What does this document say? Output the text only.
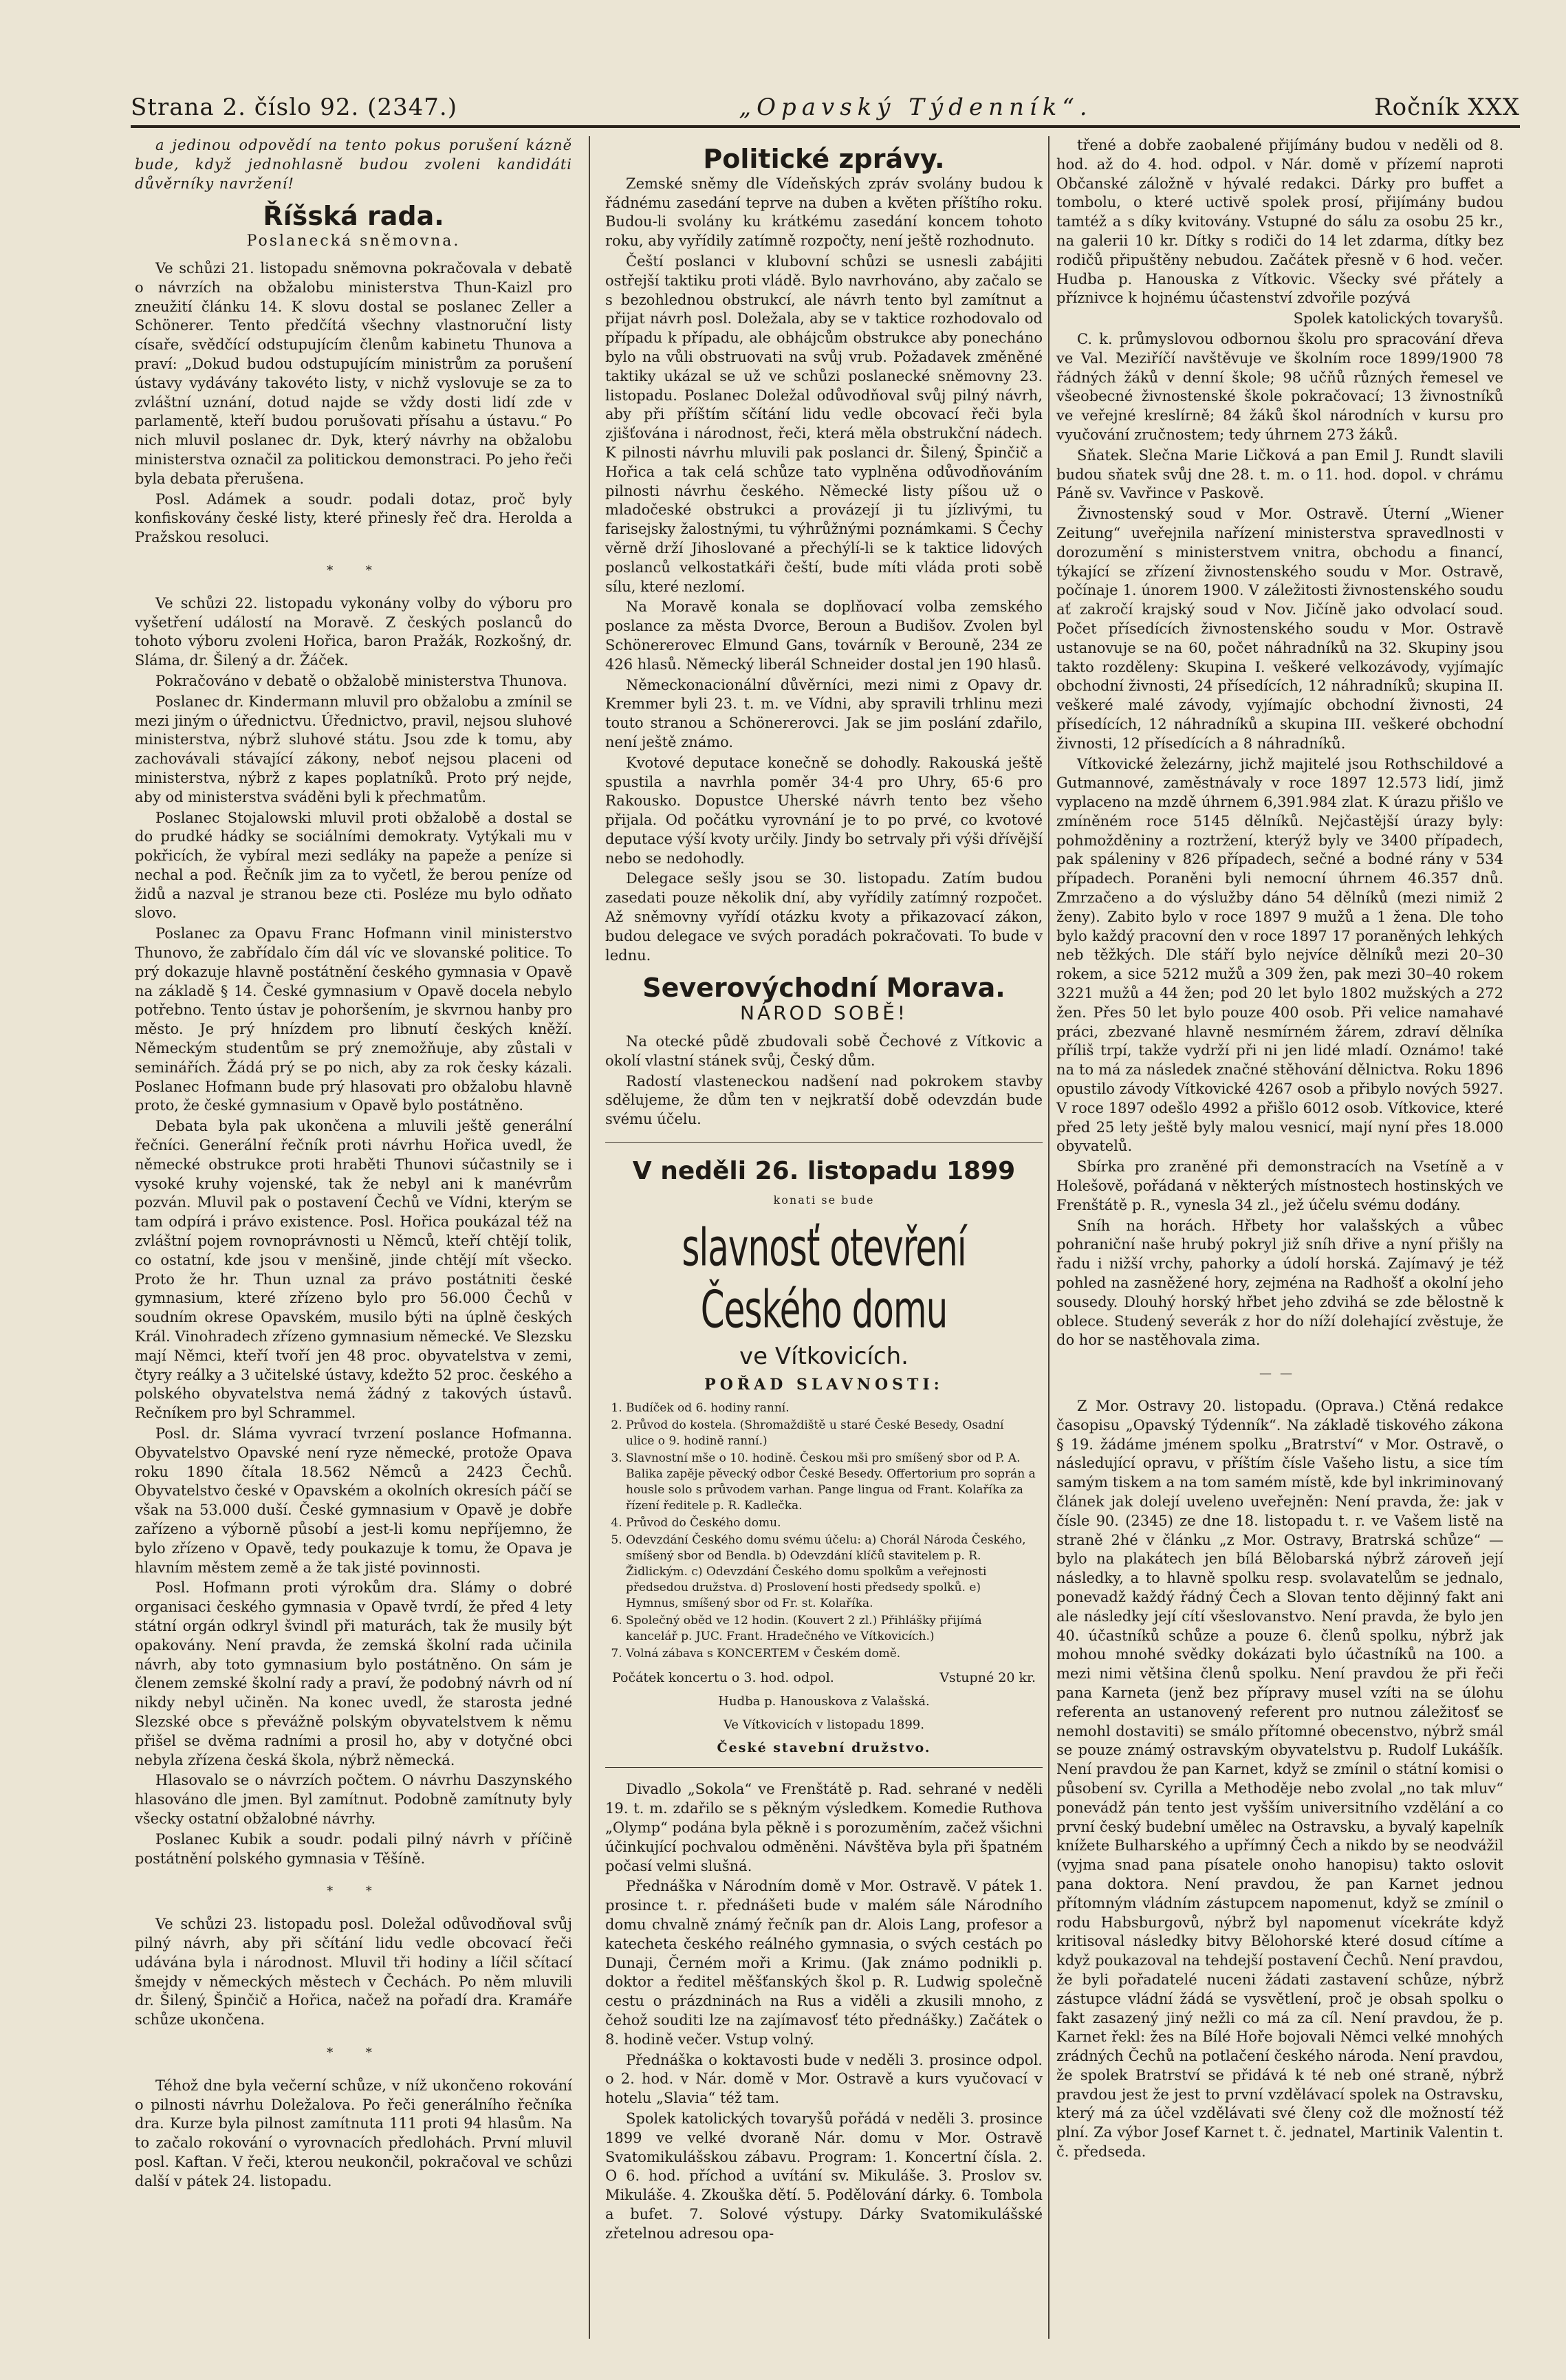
Strana 2. číslo 92. (2347.)	„Opavský Týdenník“.	Ročník XXX

a jedinou odpovědí na tento pokus porušení kázně bude, když jednohlasně budou zvoleni kandidáti důvěrníky navržení!

Říšská rada.
Poslanecká sněmovna.

Ve schůzi 21. listopadu sněmovna pokračovala v debatě o návrzích na obžalobu ministerstva Thun-Kaizl pro zneužití článku 14. K slovu dostal se poslanec Zeller a Schönerer. Tento předčítá všechny vlastnoruční listy císaře, svědčící odstupujícím členům kabinetu Thunova a praví: „Dokud budou odstupujícím ministrům za porušení ústavy vydávány takovéto listy, v nichž vyslovuje se za to zvláštní uznání, dotud najde se vždy dosti lidí zde v parlamentě, kteří budou porušovati přísahu a ústavu.“ Po nich mluvil poslanec dr. Dyk, který návrhy na obžalobu ministerstva označil za politickou demonstraci. Po jeho řeči byla debata přerušena.

Posl. Adámek a soudr. podali dotaz, proč byly konfiskovány české listy, které přinesly řeč dra. Herolda a Pražskou resoluci.

*  *

Ve schůzi 22. listopadu vykonány volby do výboru pro vyšetření událostí na Moravě. Z českých poslanců do tohoto výboru zvoleni Hořica, baron Pražák, Rozkošný, dr. Sláma, dr. Šilený a dr. Žáček.

Pokračováno v debatě o obžalobě ministerstva Thunova.

Poslanec dr. Kindermann mluvil pro obžalobu a zmínil se mezi jiným o úřednictvu. Úřednictvo, pravil, nejsou sluhové ministerstva, nýbrž sluhové státu. Jsou zde k tomu, aby zachovávali stávající zákony, neboť nejsou placeni od ministerstva, nýbrž z kapes poplatníků. Proto prý nejde, aby od ministerstva sváděni byli k přechmatům.

Poslanec Stojalowski mluvil proti obžalobě a dostal se do prudké hádky se sociálními demokraty. Vytýkali mu v pokřicích, že vybíral mezi sedláky na papeže a peníze si nechal a pod. Řečník jim za to vyčetl, že berou peníze od židů a nazval je stranou beze cti. Posléze mu bylo odňato slovo.

Poslanec za Opavu Franc Hofmann vinil ministerstvo Thunovo, že zabřídalo čím dál víc ve slovanské politice. To prý dokazuje hlavně postátnění českého gymnasia v Opavě na základě § 14. České gymnasium v Opavě docela nebylo potřebno. Tento ústav je pohoršením, je skvrnou hanby pro město. Je prý hnízdem pro libnutí českých kněží. Německým studentům se prý znemožňuje, aby zůstali v seminářích. Žádá prý se po nich, aby za rok česky kázali. Poslanec Hofmann bude prý hlasovati pro obžalobu hlavně proto, že české gymnasium v Opavě bylo postátněno.

Debata byla pak ukončena a mluvili ještě generální řečníci. Generální řečník proti návrhu Hořica uvedl, že německé obstrukce proti hraběti Thunovi súčastnily se i vysoké kruhy vojenské, tak že nebyl ani k manévrům pozván. Mluvil pak o postavení Čechů ve Vídni, kterým se tam odpírá i právo existence. Posl. Hořica poukázal též na zvláštní pojem rovnoprávnosti u Němců, kteří chtějí tolik, co ostatní, kde jsou v menšině, jinde chtějí mít všecko. Proto že hr. Thun uznal za právo postátniti české gymnasium, které zřízeno bylo pro 56.000 Čechů v soudním okrese Opavském, musilo býti na úplně českých Král. Vinohradech zřízeno gymnasium německé. Ve Slezsku mají Němci, kteří tvoří jen 48 proc. obyvatelstva v zemi, čtyry reálky a 3 učitelské ústavy, kdežto 52 proc. českého a polského obyvatelstva nemá žádný z takových ústavů. Rečníkem pro byl Schrammel.

Posl. dr. Sláma vyvrací tvrzení poslance Hofmanna. Obyvatelstvo Opavské není ryze německé, protože Opava roku 1890 čítala 18.562 Němců a 2423 Čechů. Obyvatelstvo české v Opavském a okolních okresích páčí se však na 53.000 duší. České gymnasium v Opavě je dobře zařízeno a výborně působí a jest-li komu nepříjemno, že bylo zřízeno v Opavě, tedy poukazuje k tomu, že Opava je hlavním městem země a že tak jisté povinnosti.

Posl. Hofmann proti výrokům dra. Slámy o dobré organisaci českého gymnasia v Opavě tvrdí, že před 4 lety státní orgán odkryl švindl při maturách, tak že musily být opakovány. Není pravda, že zemská školní rada učinila návrh, aby toto gymnasium bylo postátněno. On sám je členem zemské školní rady a praví, že podobný návrh od ní nikdy nebyl učiněn. Na konec uvedl, že starosta jedné Slezské obce s převážně polským obyvatelstvem k němu přišel se dvěma radními a prosil ho, aby v dotyčné obci nebyla zřízena česká škola, nýbrž německá.

Hlasovalo se o návrzích počtem. O návrhu Daszynského hlasováno dle jmen. Byl zamítnut. Podobně zamítnuty byly všecky ostatní obžalobné návrhy.

Poslanec Kubik a soudr. podali pilný návrh v příčině postátnění polského gymnasia v Těšíně.

*  *

Ve schůzi 23. listopadu posl. Doležal odůvodňoval svůj pilný návrh, aby při sčítání lidu vedle obcovací řeči udávána byla i národnost. Mluvil tři hodiny a líčil sčítací šmejdy v německých městech v Čechách. Po něm mluvili dr. Šilený, Špinčič a Hořica, načež na pořadí dra. Kramáře schůze ukončena.

*  *

Téhož dne byla večerní schůze, v níž ukončeno rokování o pilnosti návrhu Doležalova. Po řeči generálního řečníka dra. Kurze byla pilnost zamítnuta 111 proti 94 hlasům. Na to začalo rokování o vyrovnacích předlohách. První mluvil posl. Kaftan. V řeči, kterou neukončil, pokračoval ve schůzi další v pátek 24. listopadu.

Politické zprávy.

Zemské sněmy dle Vídeňských zpráv svolány budou k řádnému zasedání teprve na duben a květen příštího roku. Budou-li svolány ku krátkému zasedání koncem tohoto roku, aby vyřídily zatímně rozpočty, není ještě rozhodnuto.

Čeští poslanci v klubovní schůzi se usnesli zabájiti ostřejší taktiku proti vládě. Bylo navrhováno, aby začalo se s bezohlednou obstrukcí, ale návrh tento byl zamítnut a přijat návrh posl. Doležala, aby se v taktice rozhodovalo od případu k případu, ale obhájcům obstrukce aby ponecháno bylo na vůli obstruovati na svůj vrub. Požadavek změněné taktiky ukázal se už ve schůzi poslanecké sněmovny 23. listopadu. Poslanec Doležal odůvodňoval svůj pilný návrh, aby při příštím sčítání lidu vedle obcovací řeči byla zjišťována i národnost, řeči, která měla obstrukční nádech. K pilnosti návrhu mluvili pak poslanci dr. Šilený, Špinčič a Hořica a tak celá schůze tato vyplněna odůvodňováním pilnosti návrhu českého. Německé listy píšou už o mladočeské obstrukci a provázejí ji tu jízlivými, tu farisejsky žalostnými, tu výhrůžnými poznámkami. S Čechy věrně drží Jihoslované a přechýlí-li se k taktice lidových poslanců velkostatkáři čeští, bude míti vláda proti sobě sílu, které nezlomí.

Na Moravě konala se doplňovací volba zemského poslance za města Dvorce, Beroun a Budišov. Zvolen byl Schönererovec Elmund Gans, továrník v Berouně, 234 ze 426 hlasů. Německý liberál Schneider dostal jen 190 hlasů.

Německonacionální důvěrníci, mezi nimi z Opavy dr. Kremmer byli 23. t. m. ve Vídni, aby spravili trhlinu mezi touto stranou a Schönererovci. Jak se jim poslání zdařilo, není ještě známo.

Kvotové deputace konečně se dohodly. Rakouská ještě spustila a navrhla poměr 34·4 pro Uhry, 65·6 pro Rakousko. Dopustce Uherské návrh tento bez všeho přijala. Od počátku vyrovnání je to po prvé, co kvotové deputace výší kvoty určily. Jindy bo setrvaly při výši dřívější nebo se nedohodly.

Delegace sešly jsou se 30. listopadu. Zatím budou zasedati pouze několik dní, aby vyřídily zatímný rozpočet. Až sněmovny vyřídí otázku kvoty a přikazovací zákon, budou delegace ve svých poradách pokračovati. To bude v lednu.

Severovýchodní Morava.
NÁROD SOBĚ!

Na otecké půdě zbudovali sobě Čechové z Vítkovic a okolí vlastní stánek svůj, Český dům.

Radostí vlasteneckou nadšení nad pokrokem stavby sdělujeme, že dům ten v nejkratší době odevzdán bude svému účelu.

V neděli 26. listopadu 1899
konati se bude
slavnosť otevření Českého domu
ve Vítkovicích.
POŘAD SLAVNOSTI:
1. Budíček od 6. hodiny ranní.
2. Průvod do kostela. (Shromaždiště u staré České Besedy, Osadní ulice o 9. hodině ranní.)
3. Slavnostní mše o 10. hodině. Českou mši pro smíšený sbor od P. A. Balika zapěje pěvecký odbor České Besedy. Offertorium pro soprán a housle solo s průvodem varhan. Pange lingua od Frant. Kolaříka za řízení ředitele p. R. Kadlečka.
4. Průvod do Českého domu.
5. Odevzdání Českého domu svému účelu: a) Chorál Národa Českého, smíšený sbor od Bendla. b) Odevzdání klíčů stavitelem p. R. Židlickým. c) Odevzdání Českého domu spolkům a veřejnosti předsedou družstva. d) Proslovení hosti předsedy spolků. e) Hymnus, smíšený sbor od Fr. st. Kolaříka.
6. Společný oběd ve 12 hodin. (Kouvert 2 zl.) Přihlášky přijímá kancelář p. JUC. Frant. Hradečného ve Vítkovicích.)
7. Volná zábava s KONCERTEM v Českém domě.
Počátek koncertu o 3. hod. odpol.	Vstupné 20 kr.
Hudba p. Hanouskova z Valašská.
Ve Vítkovicích v listopadu 1899.
České stavební družstvo.

Divadlo „Sokola“ ve Frenštátě p. Rad. sehrané v neděli 19. t. m. zdařilo se s pěkným výsledkem. Komedie Ruthova „Olymp“ podána byla pěkně i s porozuměním, začež všichni účinkující pochvalou odměněni. Návštěva byla při špatném počasí velmi slušná.

Přednáška v Národním domě v Mor. Ostravě. V pátek 1. prosince t. r. přednášeti bude v malém sále Národního domu chvalně známý řečník pan dr. Alois Lang, profesor a katecheta českého reálného gymnasia, o svých cestách po Dunaji, Černém moři a Krimu. (Jak známo podnikli p. doktor a ředitel měšťanských škol p. R. Ludwig společně cestu o prázdninách na Rus a viděli a zkusili mnoho, z čehož souditi lze na zajímavosť této přednášky.) Začátek o 8. hodině večer. Vstup volný.

Přednáška o koktavosti bude v neděli 3. prosince odpol. o 2. hod. v Nár. domě v Mor. Ostravě a kurs vyučovací v hotelu „Slavia“ též tam.

Spolek katolických tovaryšů pořádá v neděli 3. prosince 1899 ve velké dvoraně Nár. domu v Mor. Ostravě Svatomikulášskou zábavu. Program: 1. Koncertní čísla. 2. O 6. hod. příchod a uvítání sv. Mikuláše. 3. Proslov sv. Mikuláše. 4. Zkouška dětí. 5. Podělování dárky. 6. Tombola a bufet. 7. Solové výstupy. Dárky Svatomikulášské zřetelnou adresou opa-

třené a dobře zaobalené přijímány budou v neděli od 8. hod. až do 4. hod. odpol. v Nár. domě v přízemí naproti Občanské záložně v hývalé redakci. Dárky pro buffet a tombolu, o které uctivě spolek prosí, přijímány budou tamtéž a s díky kvitovány. Vstupné do sálu za osobu 25 kr., na galerii 10 kr. Dítky s rodiči do 14 let zdarma, dítky bez rodičů připuštěny nebudou. Začátek přesně v 6 hod. večer. Hudba p. Hanouska z Vítkovic. Všecky své přátely a příznivce k hojnému účastenství zdvořile pozývá

Spolek katolických tovaryšů.

C. k. průmyslovou odbornou školu pro spracování dřeva ve Val. Meziříčí navštěvuje ve školním roce 1899/1900 78 řádných žáků v denní škole; 98 učňů různých řemesel ve všeobecné živnostenské škole pokračovací; 13 živnostníků ve veřejné kreslírně; 84 žáků škol národních v kursu pro vyučování zručnostem; tedy úhrnem 273 žáků.

Sňatek. Slečna Marie Ličková a pan Emil J. Rundt slavili budou sňatek svůj dne 28. t. m. o 11. hod. dopol. v chrámu Páně sv. Vavřince v Paskově.

Živnostenský soud v Mor. Ostravě. Úterní „Wiener Zeitung“ uveřejnila nařízení ministerstva spravedlnosti v dorozumění s ministerstvem vnitra, obchodu a financí, týkající se zřízení živnostenského soudu v Mor. Ostravě, počínaje 1. únorem 1900. V záležitosti živnostenského soudu ať zakročí krajský soud v Nov. Jičíně jako odvolací soud. Počet přísedících živnostenského soudu v Mor. Ostravě ustanovuje se na 60, počet náhradníků na 32. Skupiny jsou takto rozděleny: Skupina I. veškeré velkozávody, vyjímajíc obchodní živnosti, 24 přísedících, 12 náhradníků; skupina II. veškeré malé závody, vyjímajíc obchodní živnosti, 24 přísedících, 12 náhradníků a skupina III. veškeré obchodní živnosti, 12 přísedících a 8 náhradníků.

Vítkovické železárny, jichž majitelé jsou Rothschildové a Gutmannové, zaměstnávaly v roce 1897 12.573 lidí, jimž vyplaceno na mzdě úhrnem 6,391.984 zlat. K úrazu přišlo ve zmíněném roce 5145 dělníků. Nejčastější úrazy byly: pohmožděniny a roztržení, kterýž byly ve 3400 případech, pak spáleniny v 826 případech, sečné a bodné rány v 534 případech. Poraněni byli nemocní úhrnem 46.357 dnů. Zmrzačeno a do výslužby dáno 54 dělníků (mezi nimiž 2 ženy). Zabito bylo v roce 1897 9 mužů a 1 žena. Dle toho bylo každý pracovní den v roce 1897 17 poraněných lehkých neb těžkých. Dle stáří bylo nejvíce dělníků mezi 20–30 rokem, a sice 5212 mužů a 309 žen, pak mezi 30–40 rokem 3221 mužů a 44 žen; pod 20 let bylo 1802 mužských a 272 žen. Přes 50 let bylo pouze 400 osob. Při velice namahavé práci, zbezvané hlavně nesmírném žárem, zdraví dělníka příliš trpí, takže vydrží při ni jen lidé mladí. Oznámo! také na to má za následek značné stěhování dělnictva. Roku 1896 opustilo závody Vítkovické 4267 osob a přibylo nových 5927. V roce 1897 odešlo 4992 a přišlo 6012 osob. Vítkovice, které před 25 lety ještě byly malou vesnicí, mají nyní přes 18.000 obyvatelů.

Sbírka pro zraněné při demonstracích na Vsetíně a v Holešově, pořádaná v některých místnostech hostinských ve Frenštátě p. R., vynesla 34 zl., jež účelu svému dodány.

Sníh na horách. Hřbety hor valašských a vůbec pohraniční naše hrubý pokryl již sníh dřive a nyní přišly na řadu i nižší vrchy, pahorky a údolí horská. Zajímavý je též pohled na zasněžené hory, zejména na Radhošť a okolní jeho sousedy. Dlouhý horský hřbet jeho zdvihá se zde bělostně k oblece. Studený severák z hor do níží dolehající zvěstuje, že do hor se nastěhovala zima.

——

Z Mor. Ostravy 20. listopadu. (Oprava.) Ctěná redakce časopisu „Opavský Týdenník“. Na základě tiskového zákona § 19. žádáme jménem spolku „Bratrství“ v Mor. Ostravě, o následující opravu, v příštím čísle Vašeho listu, a sice tím samým tiskem a na tom samém místě, kde byl inkriminovaný článek jak dolejí uveleno uveřejněn: Není pravda, že: jak v čísle 90. (2345) ze dne 18. listopadu t. r. ve Vašem listě na straně 2hé v článku „z Mor. Ostravy, Bratrská schůze“ — bylo na plakátech jen bílá Bělobarská nýbrž zároveň její následky, a to hlavně spolku resp. svolavatelům se jednalo, ponevadž každý řádný Čech a Slovan tento dějinný fakt ani ale následky její cítí všeslovanstvo. Není pravda, že bylo jen 40. účastníků schůze a pouze 6. členů spolku, nýbrž jak mohou mnohé svědky dokázati bylo účastníků na 100. a mezi nimi většina členů spolku. Není pravdou že při řeči pana Karneta (jenž bez přípravy musel vzíti na se úlohu referenta an ustanovený referent pro nutnou záležitosť se nemohl dostaviti) se smálo přítomné obecenstvo, nýbrž smál se pouze známý ostravským obyvatelstvu p. Rudolf Lukášík. Není pravdou že pan Karnet, když se zmínil o státní komisi o působení sv. Cyrilla a Methoděje nebo zvolal „no tak mluv“ ponevádž pán tento jest vyšším universitního vzdělání a co první český budební umělec na Ostravsku, a byvalý kapelník knížete Bulharského a upřímný Čech a nikdo by se neodvážil (vyjma snad pana písatele onoho hanopisu) takto oslovit pana doktora. Není pravdou, že pan Karnet jednou přítomným vládním zástupcem napomenut, když se zmínil o rodu Habsburgovů, nýbrž byl napomenut vícekráte když kritisoval následky bitvy Bělohorské které dosud cítíme a když poukazoval na tehdejší postavení Čechů. Není pravdou, že byli pořadatelé nuceni žádati zastavení schůze, nýbrž zástupce vládní žádá se vysvětlení, proč je obsah spolku o fakt zasazený jiný nežli co má za cíl. Není pravdou, že p. Karnet řekl: žes na Bílé Hoře bojovali Němci velké mnohých zrádných Čechů na potlačení českého národa. Není pravdou, že spolek Bratrství se přidává k té neb oné straně, nýbrž pravdou jest že jest to první vzdělávací spolek na Ostravsku, který má za účel vzdělávati své členy což dle možností též plní. Za výbor Josef Karnet t. č. jednatel, Martinik Valentin t. č. předseda.
